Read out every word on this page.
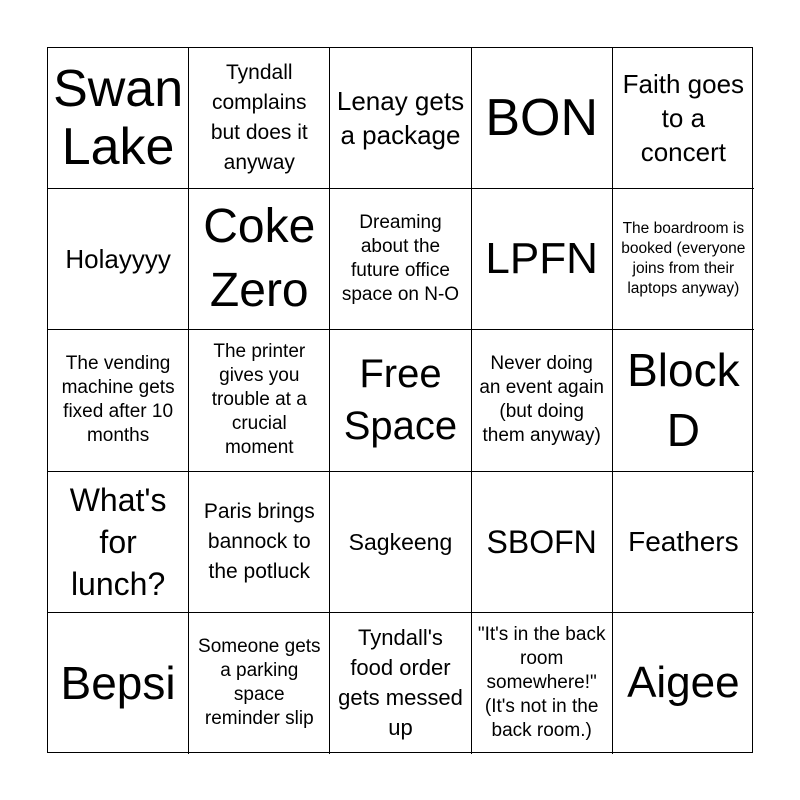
Swan Lake
Tyndall complains but does it anyway
Lenay gets a package BON
Faith goes to a concert
Holayyyy
Coke Zero
Dreaming about the future office space on N-O
LPFN
The boardroom is booked (everyone joins from their laptops anyway)
The vending machine gets fixed after 10 months
The printer gives you trouble at a crucial moment
Free Space
Never doing an event again (but doing them anyway)
Block D
What's for lunch?
Paris brings bannock to the potluck
Sagkeeng SBOFN Feathers
Bepsi
Someone gets a parking space reminder slip
Tyndall's food order gets messed up
"It's in the back room somewhere!" (It's not in the back room.)
Aigee
